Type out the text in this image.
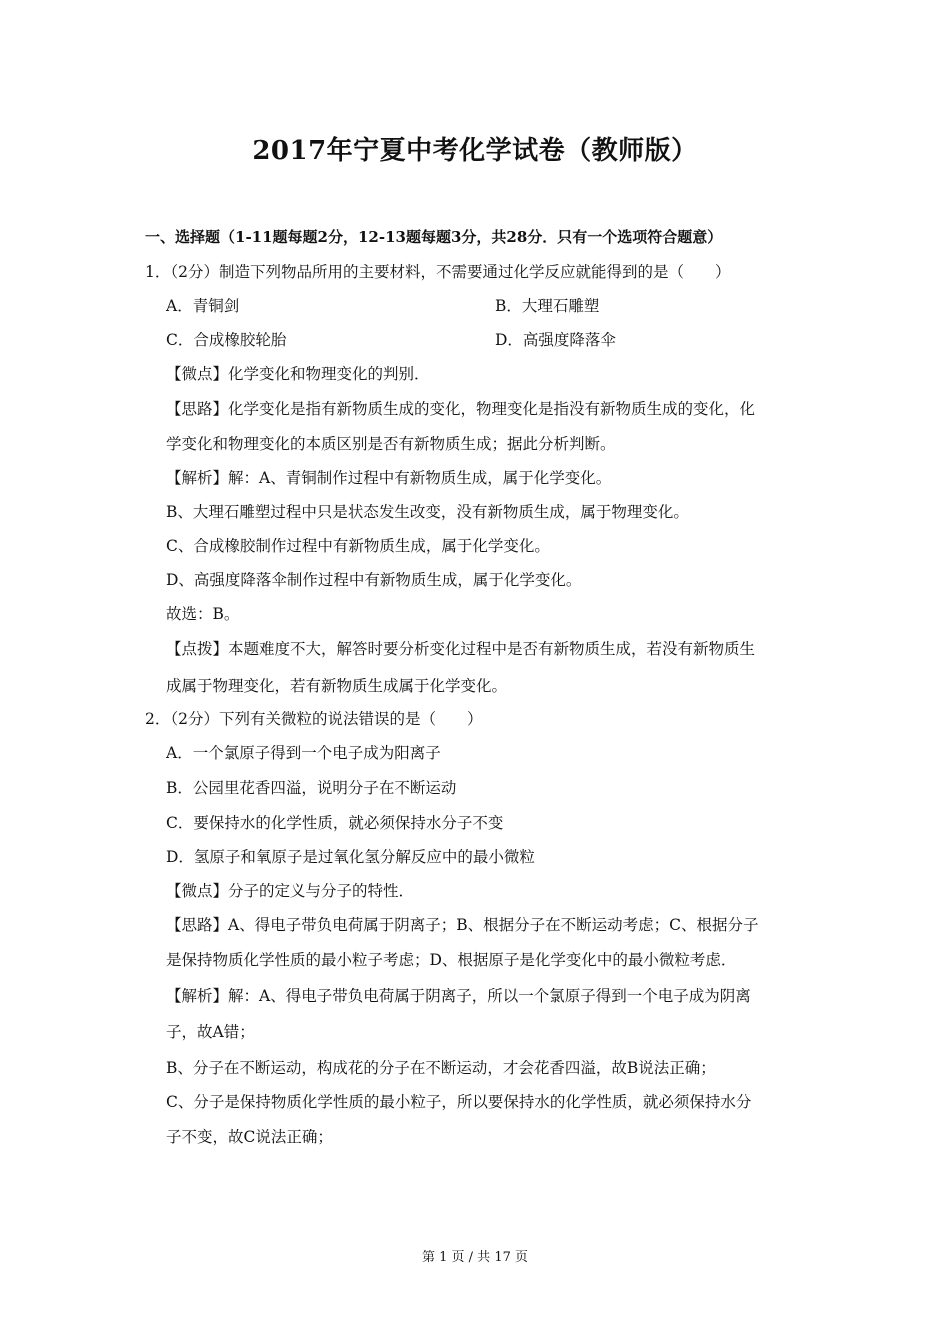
2017年宁夏中考化学试卷（教师版）
一、选择题（1-11题每题2分，12-13题每题3分，共28分．只有一个选项符合题意）
1．（2分）制造下列物品所用的主要材料，不需要通过化学反应就能得到的是（　　）
A．青铜剑	B．大理石雕塑
C．合成橡胶轮胎	D．高强度降落伞
【微点】化学变化和物理变化的判别．
【思路】化学变化是指有新物质生成的变化，物理变化是指没有新物质生成的变化，化
学变化和物理变化的本质区别是否有新物质生成；据此分析判断。
【解析】解：A、青铜制作过程中有新物质生成，属于化学变化。
B、大理石雕塑过程中只是状态发生改变，没有新物质生成，属于物理变化。
C、合成橡胶制作过程中有新物质生成，属于化学变化。
D、高强度降落伞制作过程中有新物质生成，属于化学变化。
故选：B。
【点拨】本题难度不大，解答时要分析变化过程中是否有新物质生成，若没有新物质生
成属于物理变化，若有新物质生成属于化学变化。
2．（2分）下列有关微粒的说法错误的是（　　）
A．一个氯原子得到一个电子成为阳离子
B．公园里花香四溢，说明分子在不断运动
C．要保持水的化学性质，就必须保持水分子不变
D．氢原子和氧原子是过氧化氢分解反应中的最小微粒
【微点】分子的定义与分子的特性．
【思路】A、得电子带负电荷属于阴离子；B、根据分子在不断运动考虑；C、根据分子
是保持物质化学性质的最小粒子考虑；D、根据原子是化学变化中的最小微粒考虑．
【解析】解：A、得电子带负电荷属于阴离子，所以一个氯原子得到一个电子成为阴离
子，故A错；
B、分子在不断运动，构成花的分子在不断运动，才会花香四溢，故B说法正确；
C、分子是保持物质化学性质的最小粒子，所以要保持水的化学性质，就必须保持水分
子不变，故C说法正确；
第 1 页 / 共 17 页
